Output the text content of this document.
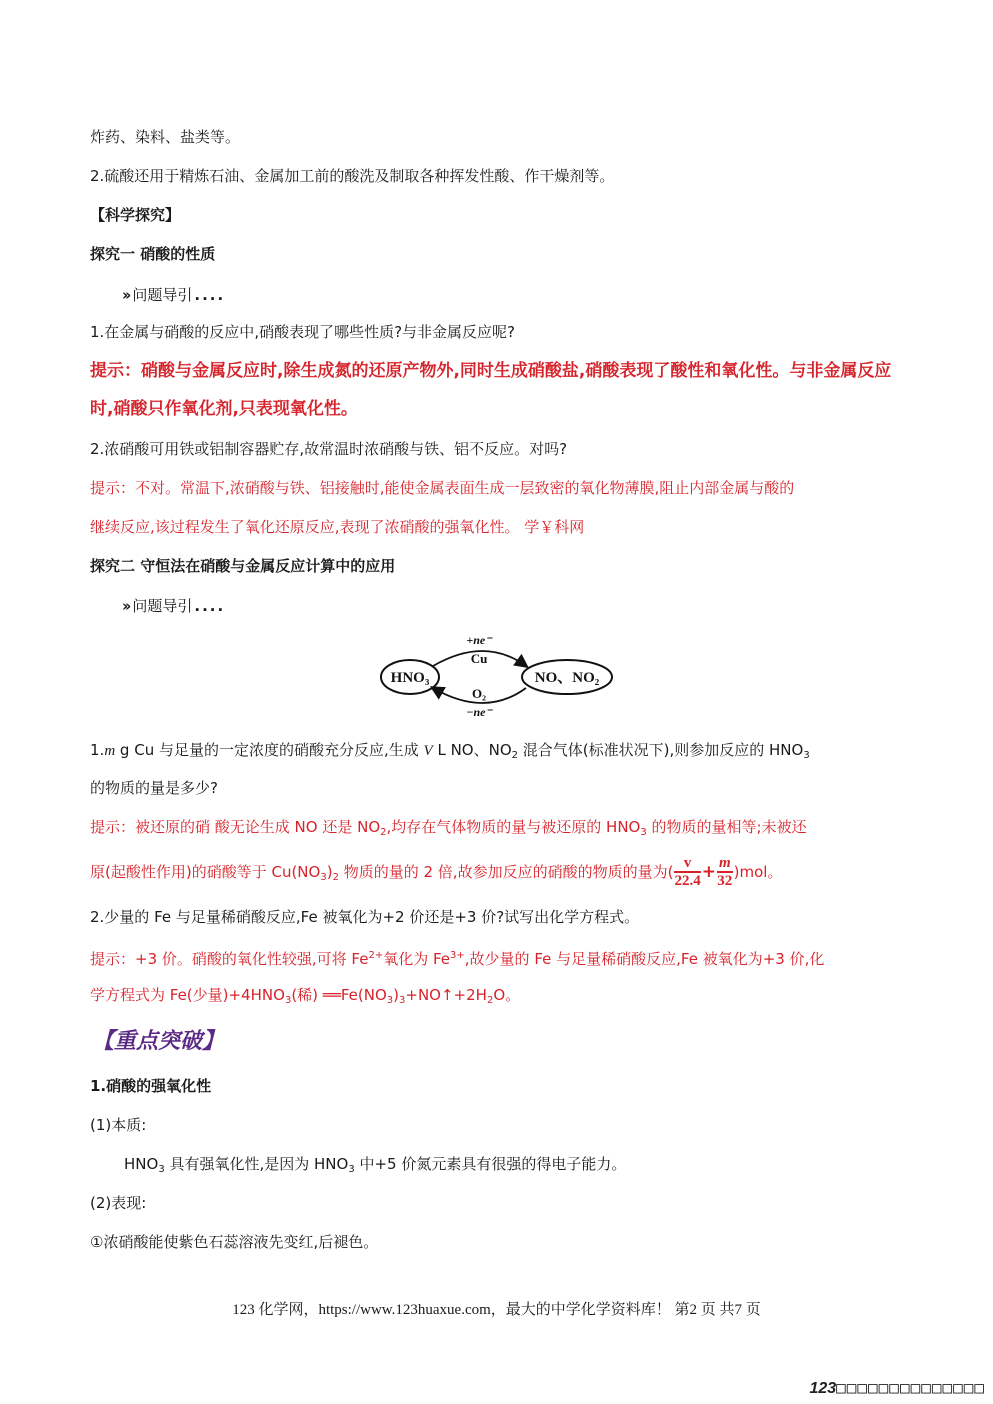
炸药、染料、盐类等。
2.硫酸还用于精炼石油、金属加工前的酸洗及制取各种挥发性酸、作干燥剂等。
【科学探究】
探究一 硝酸的性质
›› 问题导引 ....
1.在金属与硝酸的反应中,硝酸表现了哪些性质?与非金属反应呢?
提示：硝酸与金属反应时,除生成氮的还原产物外,同时生成硝酸盐,硝酸表现了酸性和氧化性。与非金属反应
时,硝酸只作氧化剂,只表现氧化性。
2.浓硝酸可用铁或铝制容器贮存,故常温时浓硝酸与铁、铝不反应。对吗?
提示：不对。常温下,浓硝酸与铁、铝接触时,能使金属表面生成一层致密的氧化物薄膜,阻止内部金属与酸的
继续反应,该过程发生了氧化还原反应,表现了浓硝酸的强氧化性。 学￥科网
探究二 守恒法在硝酸与金属反应计算中的应用
›› 问题导引 ....
HNO₃	NO、NO₂
+ne⁻
Cu
O₂
−ne⁻
1.m g Cu 与足量的一定浓度的硝酸充分反应,生成 V L NO、$NO_2$ 混合气体(标准状况下),则参加反应的 $HNO_3$
的物质的量是多少?
提示：被还原的硝 酸无论生成 NO 还是 $NO_2$,均存在气体物质的量与被还原的 $HNO_3$ 的物质的量相等;未被还
原(起酸性作用)的硝酸等于 $Cu(NO_3)_2$ 物质的量的 2 倍,故参加反应的硝酸的物质的量为( $\frac{v}{22.4} + \frac{m}{32} )mol$。
2.少量的 Fe 与足量稀硝酸反应,Fe 被氧化为+2 价还是+3 价?试写出化学方程式。
提示：+3 价。硝酸的氧化性较强,可将 $Fe^{2+}$氧化为 $Fe^{3+}$,故少量的 Fe 与足量稀硝酸反应,Fe 被氧化为+3 价,化
学方程式为 Fe(少量)$+4HNO_3$(稀) $══Fe(NO_3)_3+NO↑+2H_2O$。
【重点突破】
1.硝酸的强氧化性
(1)本质:
$HNO_3$ 具有强氧化性,是因为 $HNO_3$ 中+5 价氮元素具有很强的得电子能力。
(2)表现:
①浓硝酸能使紫色石蕊溶液先变红,后褪色。
123 化学网，https://www.123huaxue.com，最大的中学化学资料库！ 第2 页 共7 页
123□□□□□□□□□□□□□□
